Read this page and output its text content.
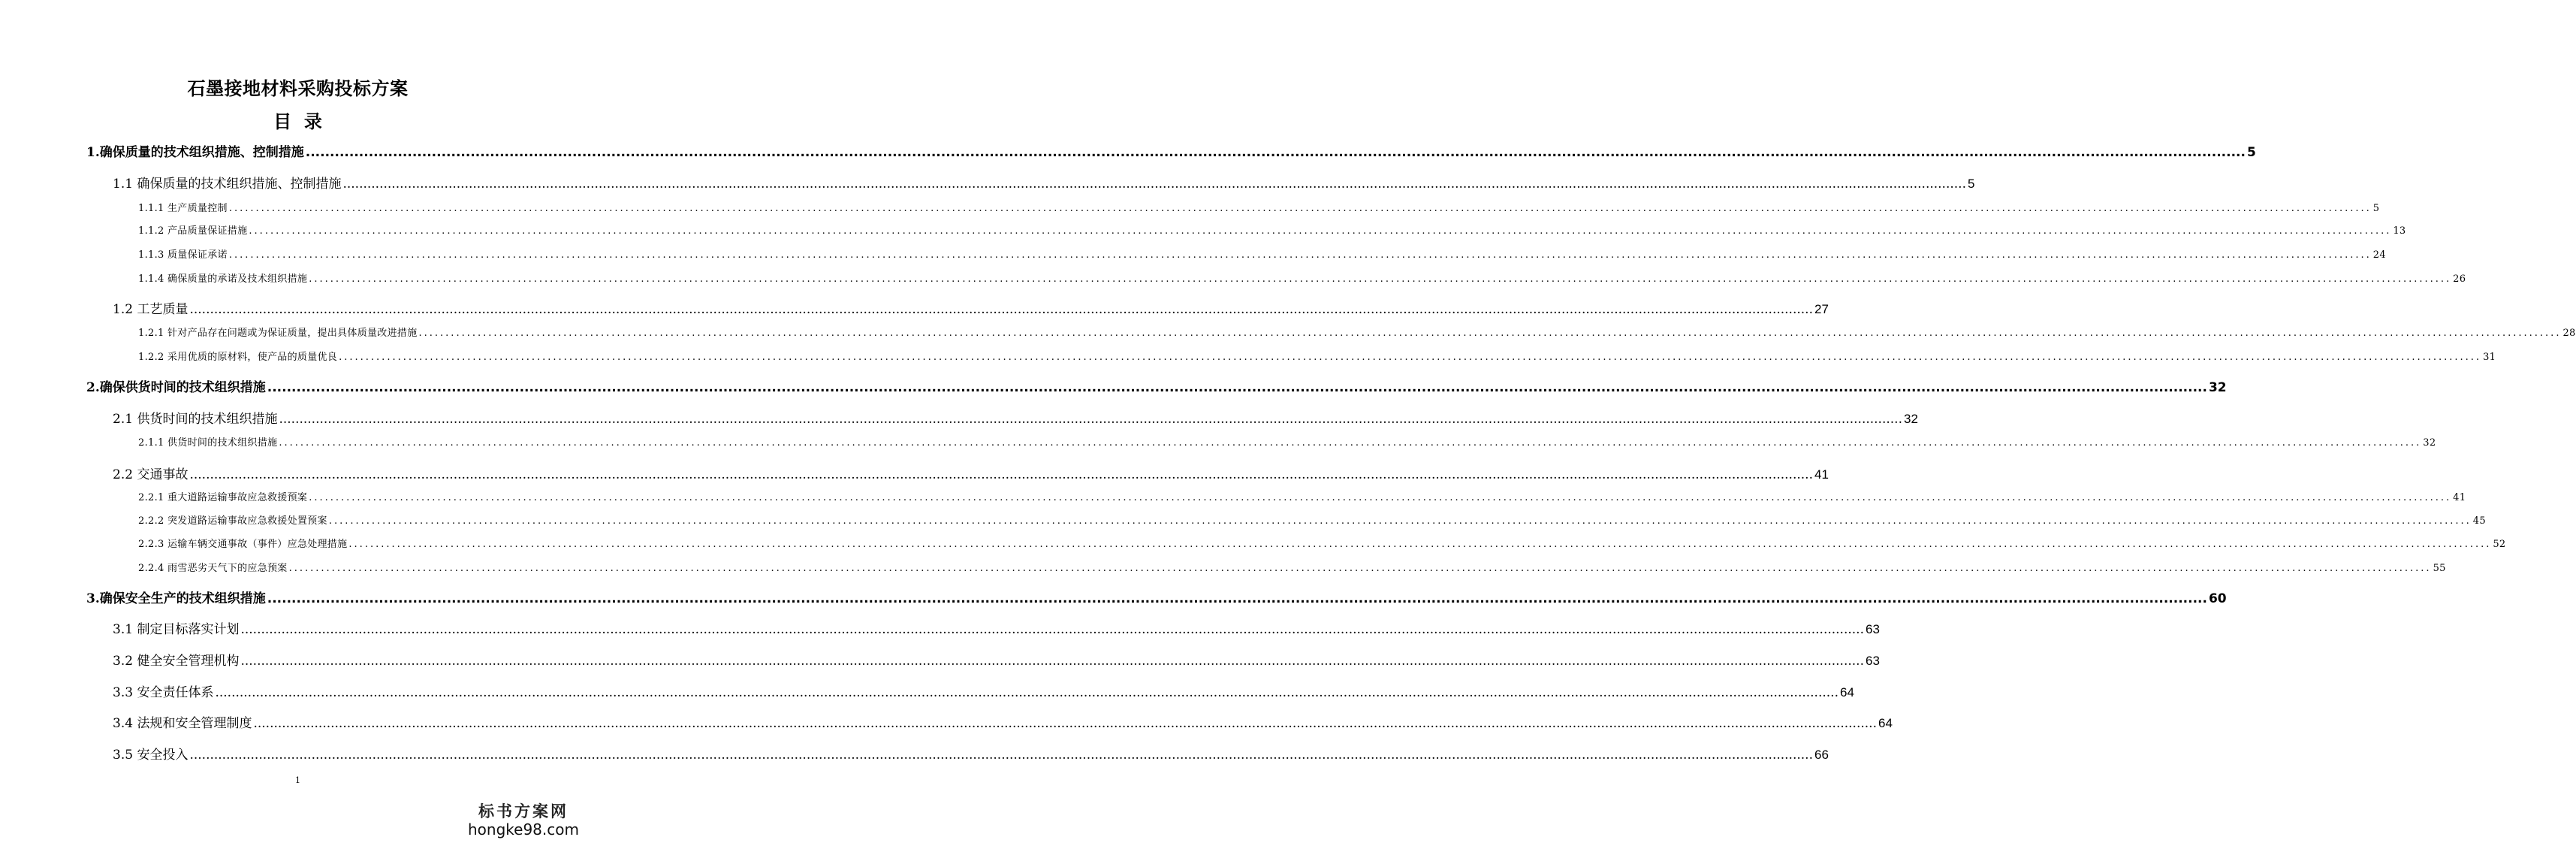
石墨接地材料采购投标方案
目  录
1.确保质量的技术组织措施、控制措施 ................................................................................................................................................................................................................................................................................................................................................................................................................ 5
1.1 确保质量的技术组织措施、控制措施 ................................................................................................................................................................................................................................................................................................................................................................................................................ 5
1.1.1 生产质量控制 ................................................................................................................................................................................................................................................................................................................................................................................................................ 5
1.1.2 产品质量保证措施 ................................................................................................................................................................................................................................................................................................................................................................................................................ 13
1.1.3 质量保证承诺 ................................................................................................................................................................................................................................................................................................................................................................................................................ 24
1.1.4 确保质量的承诺及技术组织措施 ................................................................................................................................................................................................................................................................................................................................................................................................................ 26
1.2 工艺质量 ................................................................................................................................................................................................................................................................................................................................................................................................................ 27
1.2.1 针对产品存在问题或为保证质量，提出具体质量改进措施 ................................................................................................................................................................................................................................................................................................................................................................................................................ 28
1.2.2 采用优质的原材料，使产品的质量优良 ................................................................................................................................................................................................................................................................................................................................................................................................................ 31
2.确保供货时间的技术组织措施 ................................................................................................................................................................................................................................................................................................................................................................................................................ 32
2.1 供货时间的技术组织措施 ................................................................................................................................................................................................................................................................................................................................................................................................................ 32
2.1.1 供货时间的技术组织措施 ................................................................................................................................................................................................................................................................................................................................................................................................................ 32
2.2 交通事故 ................................................................................................................................................................................................................................................................................................................................................................................................................ 41
2.2.1 重大道路运输事故应急救援预案 ................................................................................................................................................................................................................................................................................................................................................................................................................ 41
2.2.2 突发道路运输事故应急救援处置预案 ................................................................................................................................................................................................................................................................................................................................................................................................................ 45
2.2.3 运输车辆交通事故（事件）应急处理措施 ................................................................................................................................................................................................................................................................................................................................................................................................................ 52
2.2.4 雨雪恶劣天气下的应急预案 ................................................................................................................................................................................................................................................................................................................................................................................................................ 55
3.确保安全生产的技术组织措施 ................................................................................................................................................................................................................................................................................................................................................................................................................ 60
3.1 制定目标落实计划 ................................................................................................................................................................................................................................................................................................................................................................................................................ 63
3.2 健全安全管理机构 ................................................................................................................................................................................................................................................................................................................................................................................................................ 63
3.3 安全责任体系 ................................................................................................................................................................................................................................................................................................................................................................................................................ 64
3.4 法规和安全管理制度 ................................................................................................................................................................................................................................................................................................................................................................................................................ 64
3.5 安全投入 ................................................................................................................................................................................................................................................................................................................................................................................................................ 66
1
标书方案网
hongke98.com
